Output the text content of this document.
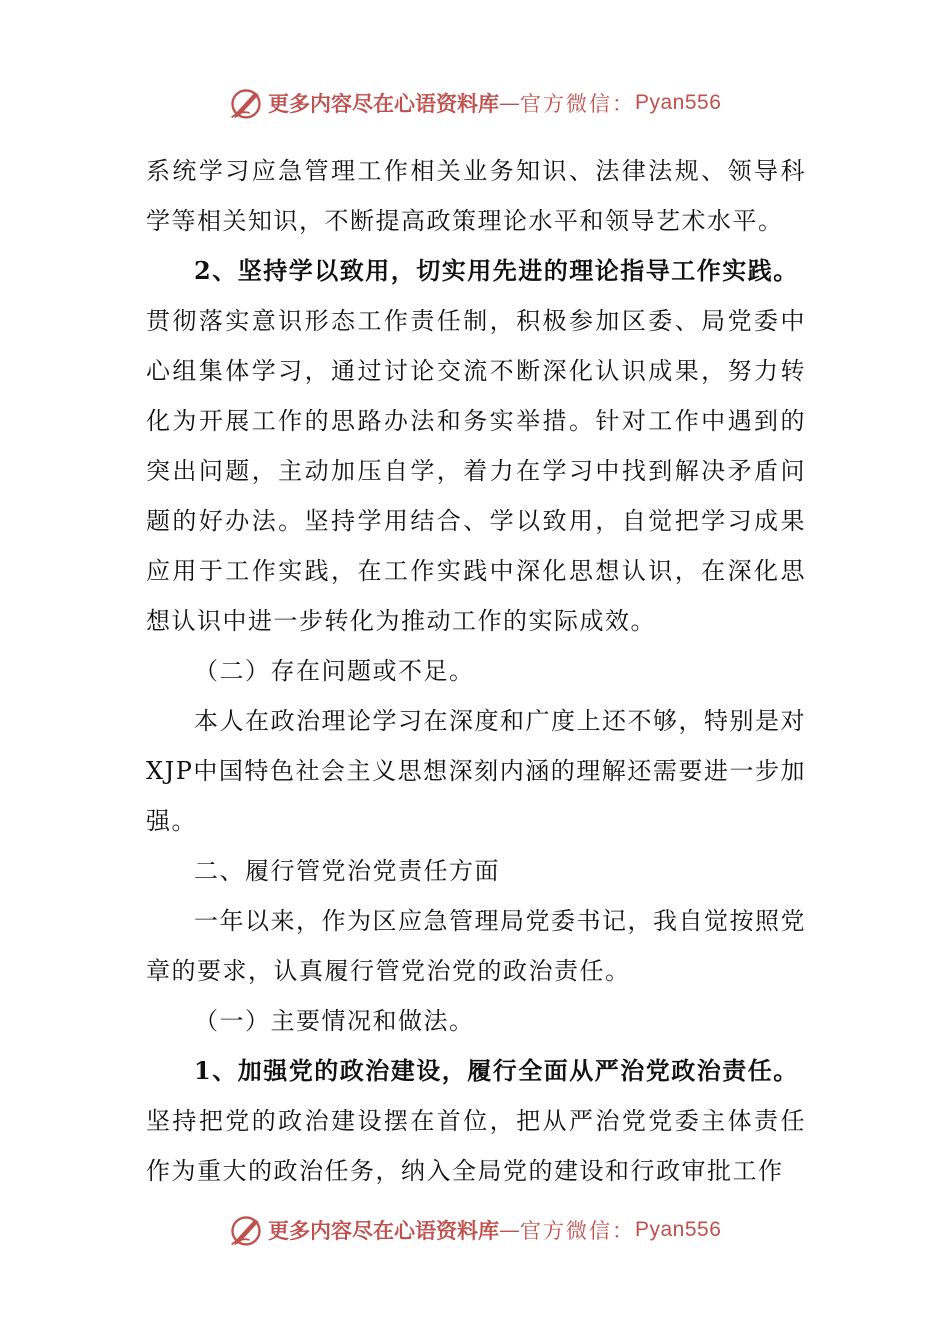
更多内容尽在心语资料库 — 官方微信： Pyan556

系统学习应急管理工作相关业务知识、法律法规、领导科学等相关知识，不断提高政策理论水平和领导艺术水平。

2、坚持学以致用，切实用先进的理论指导工作实践。

贯彻落实意识形态工作责任制，积极参加区委、局党委中心组集体学习，通过讨论交流不断深化认识成果，努力转化为开展工作的思路办法和务实举措。针对工作中遇到的突出问题，主动加压自学，着力在学习中找到解决矛盾问题的好办法。坚持学用结合、学以致用，自觉把学习成果应用于工作实践，在工作实践中深化思想认识，在深化思想认识中进一步转化为推动工作的实际成效。

（二）存在问题或不足。

本人在政治理论学习在深度和广度上还不够，特别是对XJP中国特色社会主义思想深刻内涵的理解还需要进一步加强。

二、履行管党治党责任方面

一年以来，作为区应急管理局党委书记，我自觉按照党章的要求，认真履行管党治党的政治责任。

（一）主要情况和做法。

1、加强党的政治建设，履行全面从严治党政治责任。

坚持把党的政治建设摆在首位，把从严治党党委主体责任作为重大的政治任务，纳入全局党的建设和行政审批工作

更多内容尽在心语资料库 — 官方微信： Pyan556
